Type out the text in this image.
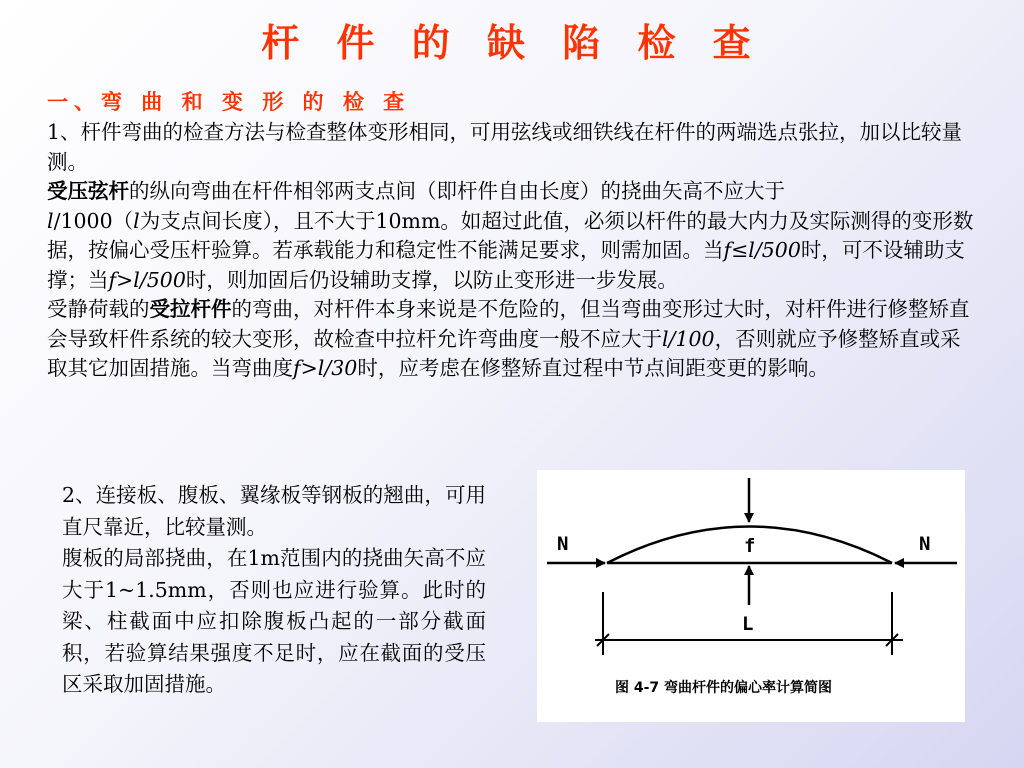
杆 件 的 缺 陷 检 查
一、弯 曲 和 变 形 的 检 查

1、杆件弯曲的检查方法与检查整体变形相同，可用弦线或细铁线在杆件的两端选点张拉，加以比较量测。

受压弦杆的纵向弯曲在杆件相邻两支点间（即杆件自由长度）的挠曲矢高不应大于
l/1000（l为支点间长度），且不大于10mm。如超过此值，必须以杆件的最大内力及实际测得的变形数据，按偏心受压杆验算。若承载能力和稳定性不能满足要求，则需加固。当f≤l/500时，可不设辅助支撑；当f>l/500时，则加固后仍设辅助支撑，以防止变形进一步发展。

受静荷载的受拉杆件的弯曲，对杆件本身来说是不危险的，但当弯曲变形过大时，对杆件进行修整矫直会导致杆件系统的较大变形，故检查中拉杆允许弯曲度一般不应大于l/100，否则就应予修整矫直或采取其它加固措施。当弯曲度f>l/30时，应考虑在修整矫直过程中节点间距变更的影响。

2、连接板、腹板、翼缘板等钢板的翘曲，可用直尺靠近，比较量测。

腹板的局部挠曲，在1m范围内的挠曲矢高不应大于1~1.5mm，否则也应进行验算。此时的梁、柱截面中应扣除腹板凸起的一部分截面积，若验算结果强度不足时，应在截面的受压区采取加固措施。

N	N
f
L
图 4-7 弯曲杆件的偏心率计算简图
